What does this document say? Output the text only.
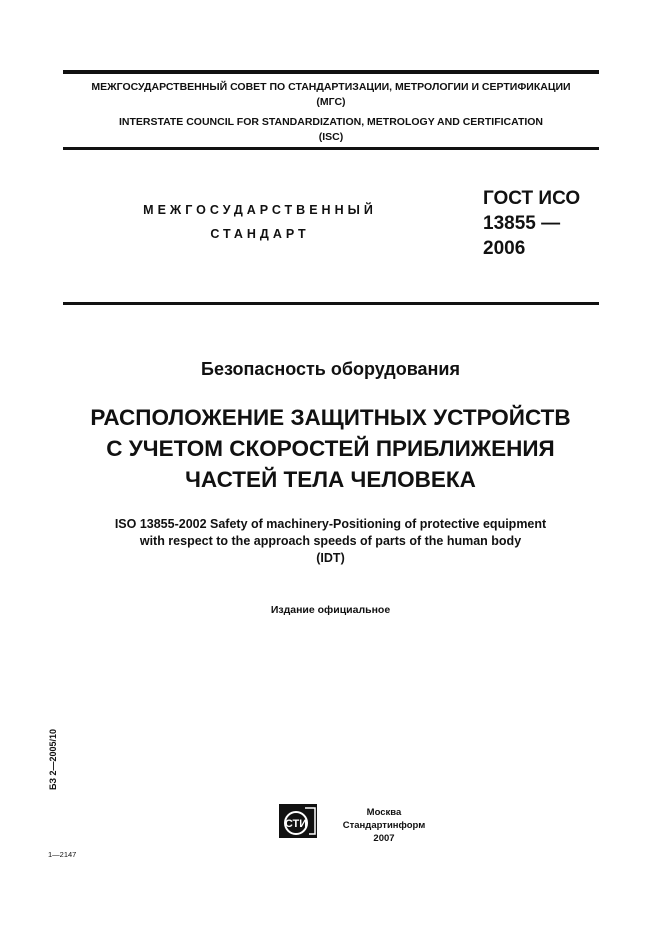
МЕЖГОСУДАРСТВЕННЫЙ СОВЕТ ПО СТАНДАРТИЗАЦИИ, МЕТРОЛОГИИ И СЕРТИФИКАЦИИ
(МГС)
INTERSTATE COUNCIL FOR STANDARDIZATION, METROLOGY AND CERTIFICATION
(ISC)
МЕЖГОСУДАРСТВЕННЫЙ
СТАНДАРТ
ГОСТ ИСО
13855 —
2006
Безопасность оборудования
РАСПОЛОЖЕНИЕ ЗАЩИТНЫХ УСТРОЙСТВ
С УЧЕТОМ СКОРОСТЕЙ ПРИБЛИЖЕНИЯ
ЧАСТЕЙ ТЕЛА ЧЕЛОВЕКА
ISO 13855-2002 Safety of machinery-Positioning of protective equipment
with respect to the approach speeds of parts of the human body
(IDT)
Издание официальное
БЗ 2—2005/10
СТИ
Москва
Стандартинформ
2007
1—2147
